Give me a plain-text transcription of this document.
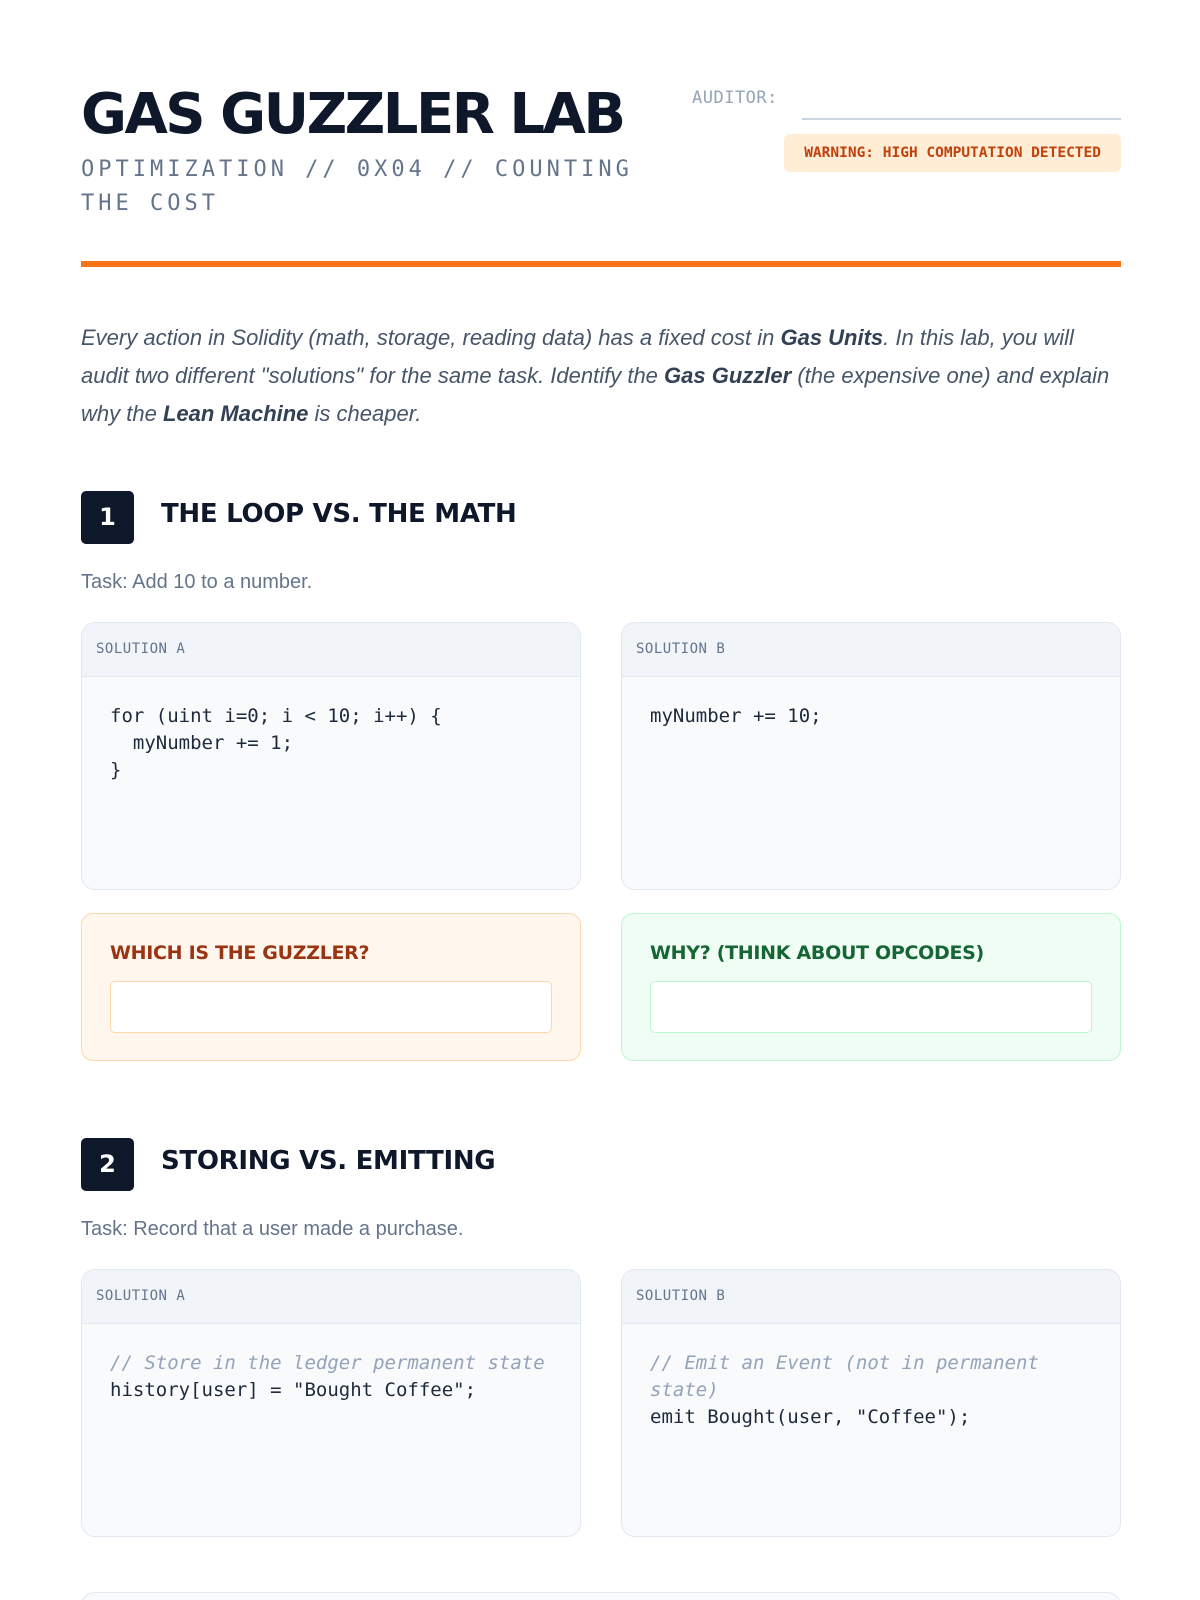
GAS GUZZLER LAB
OPTIMIZATION // 0X04 // COUNTING THE COST
AUDITOR:
WARNING: HIGH COMPUTATION DETECTED

Every action in Solidity (math, storage, reading data) has a fixed cost in Gas Units. In this lab, you will audit two different "solutions" for the same task. Identify the Gas Guzzler (the expensive one) and explain why the Lean Machine is cheaper.

1	THE LOOP VS. THE MATH
Task: Add 10 to a number.
SOLUTION A
for (uint i=0; i < 10; i++) {
myNumber += 1;
}
SOLUTION B
myNumber += 10;
WHICH IS THE GUZZLER?	WHY? (THINK ABOUT OPCODES)
2	STORING VS. EMITTING
Task: Record that a user made a purchase.
SOLUTION A
// Store in the ledger permanent state
history[user] = "Bought Coffee";
SOLUTION B
// Emit an Event (not in permanent state)
emit Bought(user, "Coffee");
